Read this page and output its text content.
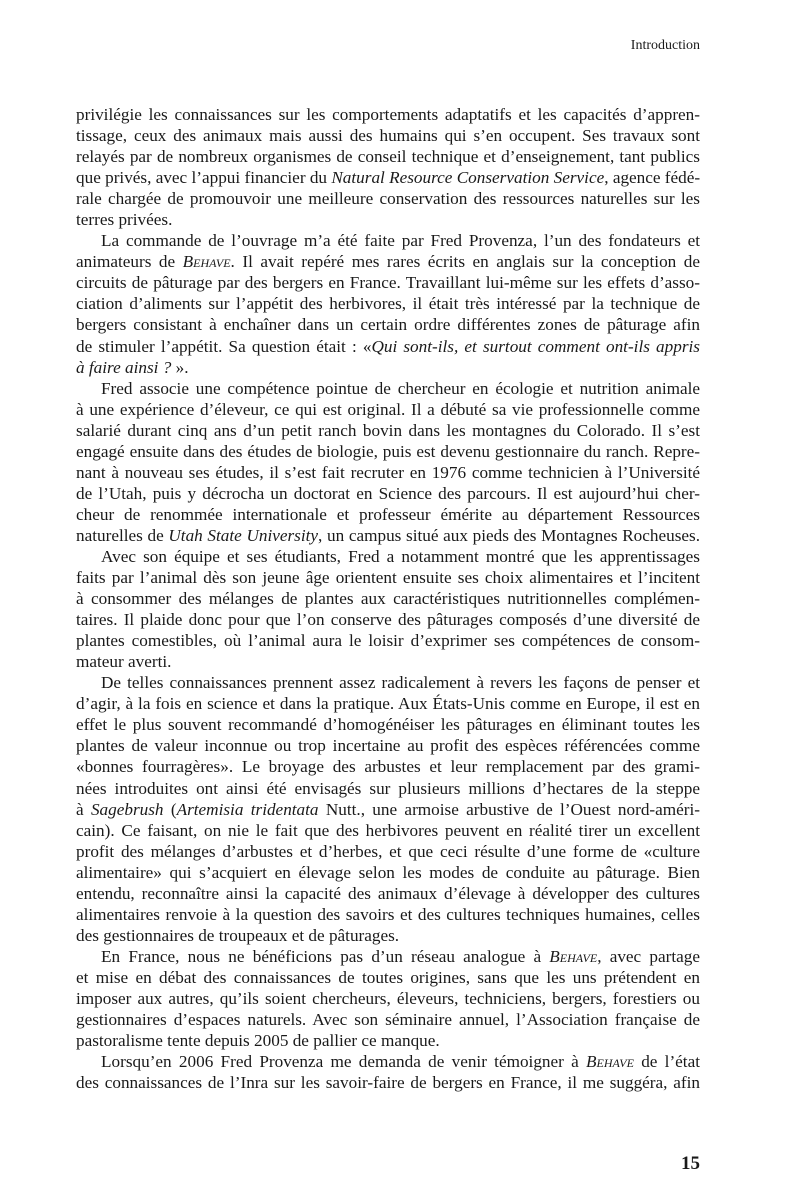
Introduction
privilégie les connaissances sur les comportements adaptatifs et les capacités d’appren-
tissage, ceux des animaux mais aussi des humains qui s’en occupent. Ses travaux sont
relayés par de nombreux organismes de conseil technique et d’enseignement, tant publics
que privés, avec l’appui financier du Natural Resource Conservation Service, agence fédé-
rale chargée de promouvoir une meilleure conservation des ressources naturelles sur les
terres privées.
La commande de l’ouvrage m’a été faite par Fred Provenza, l’un des fondateurs et
animateurs de Behave. Il avait repéré mes rares écrits en anglais sur la conception de
circuits de pâturage par des bergers en France. Travaillant lui-même sur les effets d’asso-
ciation d’aliments sur l’appétit des herbivores, il était très intéressé par la technique de
bergers consistant à enchaîner dans un certain ordre différentes zones de pâturage afin
de stimuler l’appétit. Sa question était : «Qui sont-ils, et surtout comment ont-ils appris
à faire ainsi ? ».
Fred associe une compétence pointue de chercheur en écologie et nutrition animale
à une expérience d’éleveur, ce qui est original. Il a débuté sa vie professionnelle comme
salarié durant cinq ans d’un petit ranch bovin dans les montagnes du Colorado. Il s’est
engagé ensuite dans des études de biologie, puis est devenu gestionnaire du ranch. Repre-
nant à nouveau ses études, il s’est fait recruter en 1976 comme technicien à l’Université
de l’Utah, puis y décrocha un doctorat en Science des parcours. Il est aujourd’hui cher-
cheur de renommée internationale et professeur émérite au département Ressources
naturelles de Utah State University, un campus situé aux pieds des Montagnes Rocheuses.
Avec son équipe et ses étudiants, Fred a notamment montré que les apprentissages
faits par l’animal dès son jeune âge orientent ensuite ses choix alimentaires et l’incitent
à consommer des mélanges de plantes aux caractéristiques nutritionnelles complémen-
taires. Il plaide donc pour que l’on conserve des pâturages composés d’une diversité de
plantes comestibles, où l’animal aura le loisir d’exprimer ses compétences de consom-
mateur averti.
De telles connaissances prennent assez radicalement à revers les façons de penser et
d’agir, à la fois en science et dans la pratique. Aux États-Unis comme en Europe, il est en
effet le plus souvent recommandé d’homogénéiser les pâturages en éliminant toutes les
plantes de valeur inconnue ou trop incertaine au profit des espèces référencées comme
«bonnes fourragères». Le broyage des arbustes et leur remplacement par des grami-
nées introduites ont ainsi été envisagés sur plusieurs millions d’hectares de la steppe
à Sagebrush (Artemisia tridentata Nutt., une armoise arbustive de l’Ouest nord-améri-
cain). Ce faisant, on nie le fait que des herbivores peuvent en réalité tirer un excellent
profit des mélanges d’arbustes et d’herbes, et que ceci résulte d’une forme de «culture
alimentaire» qui s’acquiert en élevage selon les modes de conduite au pâturage. Bien
entendu, reconnaître ainsi la capacité des animaux d’élevage à développer des cultures
alimentaires renvoie à la question des savoirs et des cultures techniques humaines, celles
des gestionnaires de troupeaux et de pâturages.
En France, nous ne bénéficions pas d’un réseau analogue à Behave, avec partage
et mise en débat des connaissances de toutes origines, sans que les uns prétendent en
imposer aux autres, qu’ils soient chercheurs, éleveurs, techniciens, bergers, forestiers ou
gestionnaires d’espaces naturels. Avec son séminaire annuel, l’Association française de
pastoralisme tente depuis 2005 de pallier ce manque.
Lorsqu’en 2006 Fred Provenza me demanda de venir témoigner à Behave de l’état
des connaissances de l’Inra sur les savoir-faire de bergers en France, il me suggéra, afin
15
